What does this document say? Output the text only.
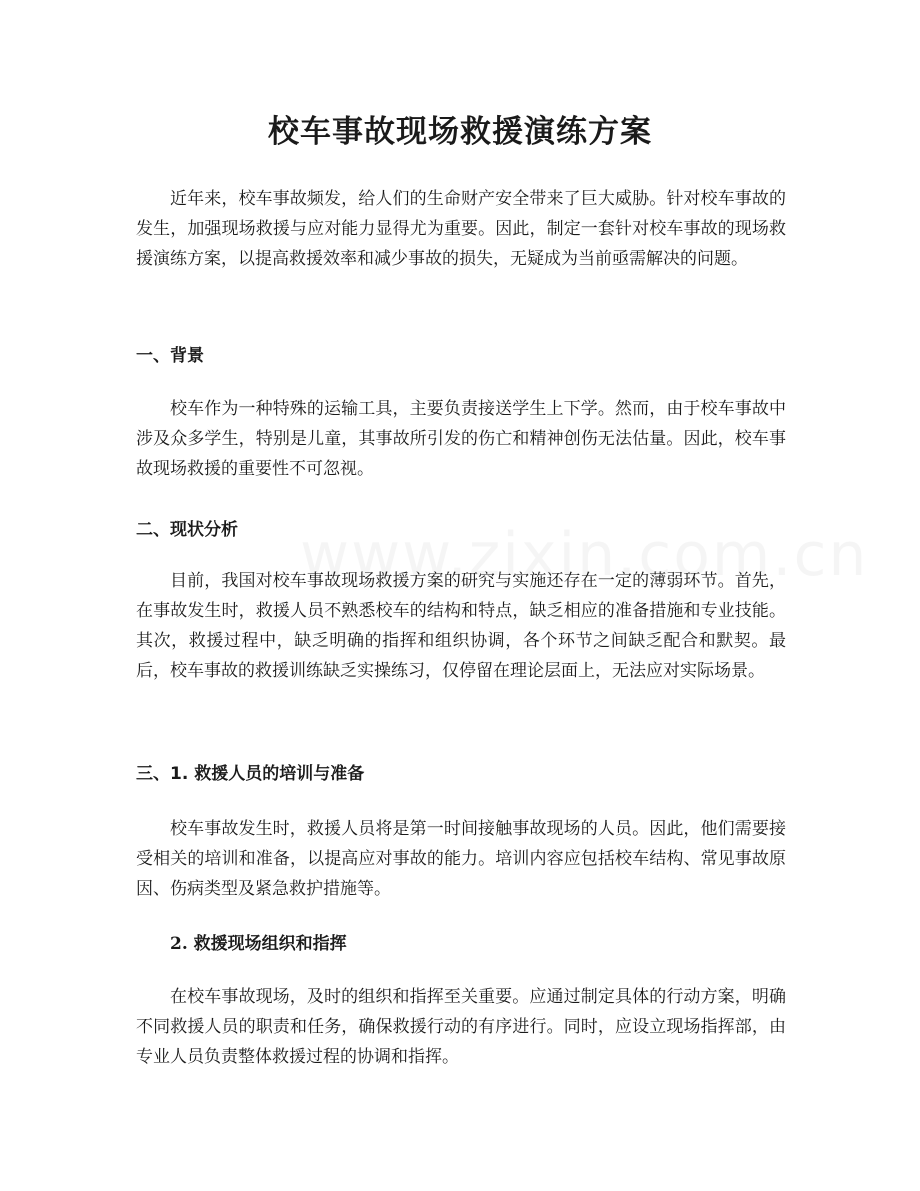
校车事故现场救援演练方案

近年来，校车事故频发，给人们的生命财产安全带来了巨大威胁。针对校车事故的发生，加强现场救援与应对能力显得尤为重要。因此，制定一套针对校车事故的现场救援演练方案，以提高救援效率和减少事故的损失，无疑成为当前亟需解决的问题。

一、背景

校车作为一种特殊的运输工具，主要负责接送学生上下学。然而，由于校车事故中涉及众多学生，特别是儿童，其事故所引发的伤亡和精神创伤无法估量。因此，校车事故现场救援的重要性不可忽视。

二、现状分析

目前，我国对校车事故现场救援方案的研究与实施还存在一定的薄弱环节。首先，在事故发生时，救援人员不熟悉校车的结构和特点，缺乏相应的准备措施和专业技能。其次，救援过程中，缺乏明确的指挥和组织协调，各个环节之间缺乏配合和默契。最后，校车事故的救援训练缺乏实操练习，仅停留在理论层面上，无法应对实际场景。

三、1. 救援人员的培训与准备

校车事故发生时，救援人员将是第一时间接触事故现场的人员。因此，他们需要接受相关的培训和准备，以提高应对事故的能力。培训内容应包括校车结构、常见事故原因、伤病类型及紧急救护措施等。

2. 救援现场组织和指挥

在校车事故现场，及时的组织和指挥至关重要。应通过制定具体的行动方案，明确不同救援人员的职责和任务，确保救援行动的有序进行。同时，应设立现场指挥部，由专业人员负责整体救援过程的协调和指挥。
